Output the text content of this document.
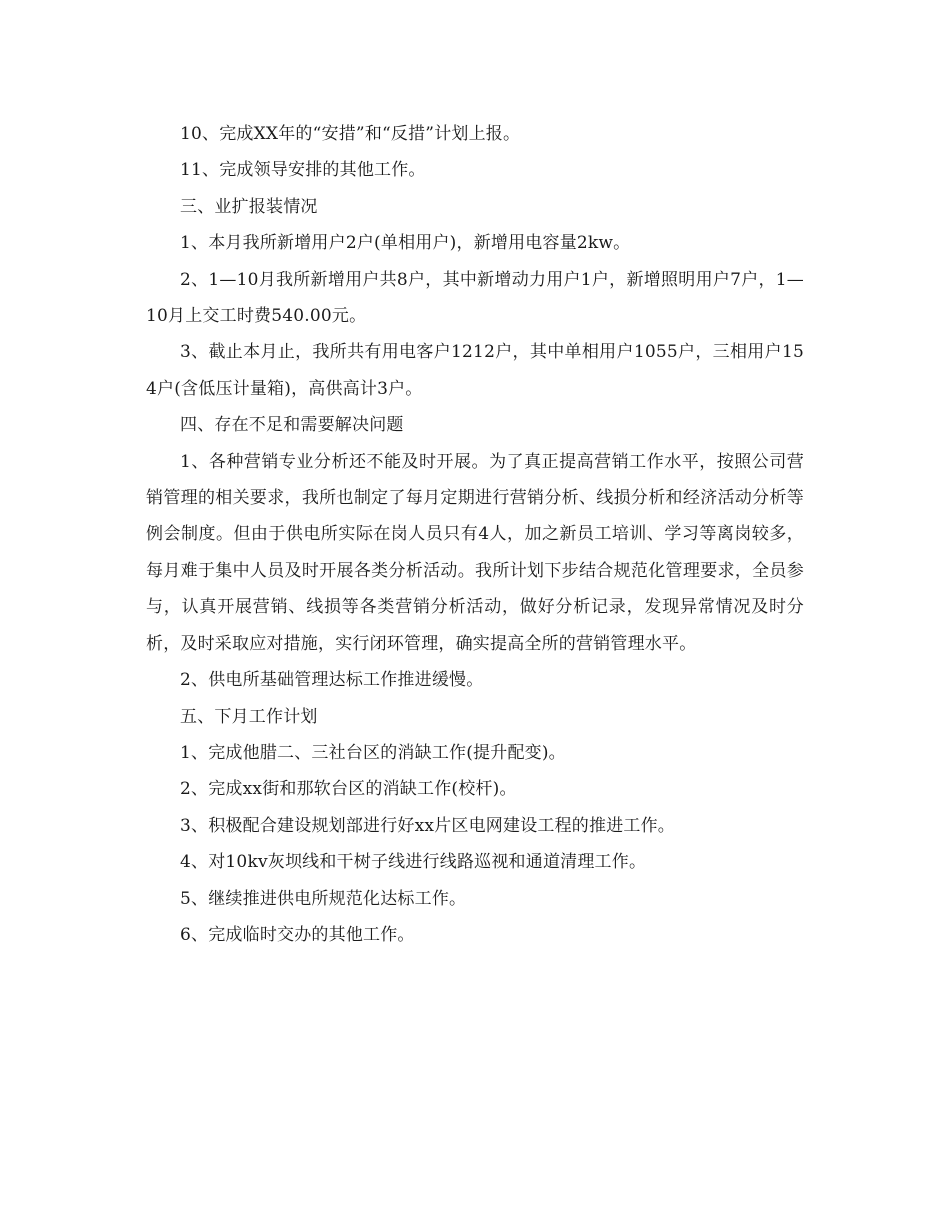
10、完成XX年的“安措”和“反措”计划上报。

11、完成领导安排的其他工作。

三、业扩报装情况

1、本月我所新增用户2户(单相用户)，新增用电容量2kw。

2、1—10月我所新增用户共8户，其中新增动力用户1户，新增照明用户7户，1—10月上交工时费540.00元。

3、截止本月止，我所共有用电客户1212户，其中单相用户1055户，三相用户154户(含低压计量箱)，高供高计3户。

四、存在不足和需要解决问题

1、各种营销专业分析还不能及时开展。为了真正提高营销工作水平，按照公司营销管理的相关要求，我所也制定了每月定期进行营销分析、线损分析和经济活动分析等例会制度。但由于供电所实际在岗人员只有4人，加之新员工培训、学习等离岗较多，每月难于集中人员及时开展各类分析活动。我所计划下步结合规范化管理要求，全员参与，认真开展营销、线损等各类营销分析活动，做好分析记录，发现异常情况及时分析，及时采取应对措施，实行闭环管理，确实提高全所的营销管理水平。

2、供电所基础管理达标工作推进缓慢。

五、下月工作计划

1、完成他腊二、三社台区的消缺工作(提升配变)。

2、完成xx街和那软台区的消缺工作(校杆)。

3、积极配合建设规划部进行好xx片区电网建设工程的推进工作。

4、对10kv灰坝线和干树子线进行线路巡视和通道清理工作。

5、继续推进供电所规范化达标工作。

6、完成临时交办的其他工作。
